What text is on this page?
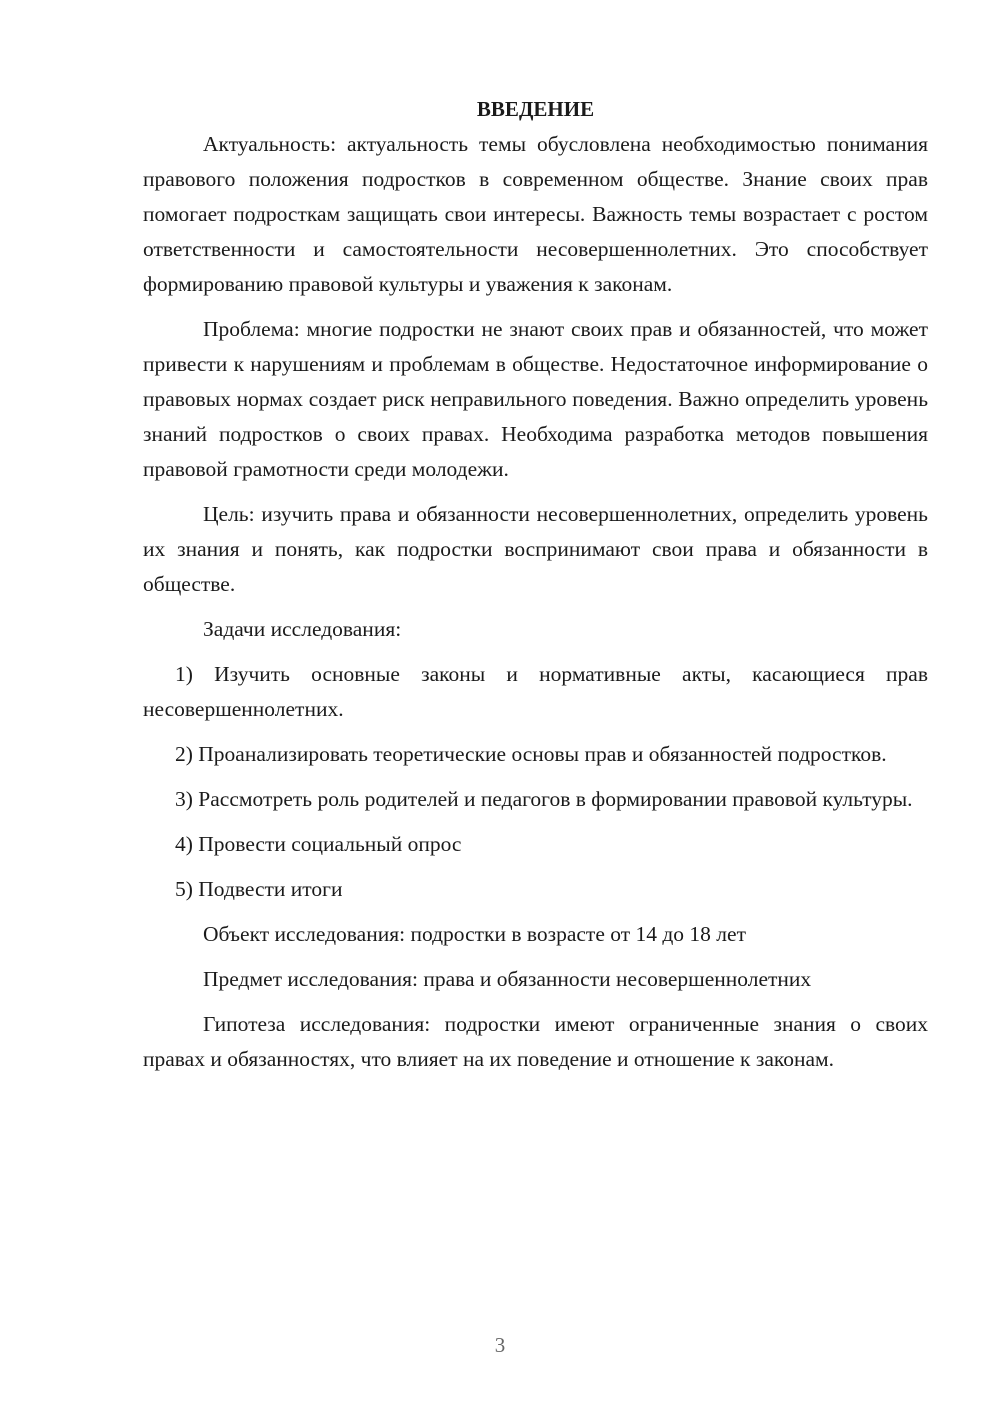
ВВЕДЕНИЕ

Актуальность: актуальность темы обусловлена необходимостью понимания правового положения подростков в современном обществе. Знание своих прав помогает подросткам защищать свои интересы. Важность темы возрастает с ростом ответственности и самостоятельности несовершеннолетних. Это способствует формированию правовой культуры и уважения к законам.

Проблема: многие подростки не знают своих прав и обязанностей, что может привести к нарушениям и проблемам в обществе. Недостаточное информирование о правовых нормах создает риск неправильного поведения. Важно определить уровень знаний подростков о своих правах. Необходима разработка методов повышения правовой грамотности среди молодежи.

Цель: изучить права и обязанности несовершеннолетних, определить уровень их знания и понять, как подростки воспринимают свои права и обязанности в обществе.

Задачи исследования:

1) Изучить основные законы и нормативные акты, касающиеся прав несовершеннолетних.

2) Проанализировать теоретические основы прав и обязанностей подростков.

3) Рассмотреть роль родителей и педагогов в формировании правовой культуры.

4) Провести социальный опрос

5) Подвести итоги

Объект исследования: подростки в возрасте от 14 до 18 лет

Предмет исследования: права и обязанности несовершеннолетних

Гипотеза исследования: подростки имеют ограниченные знания о своих правах и обязанностях, что влияет на их поведение и отношение к законам.

3
